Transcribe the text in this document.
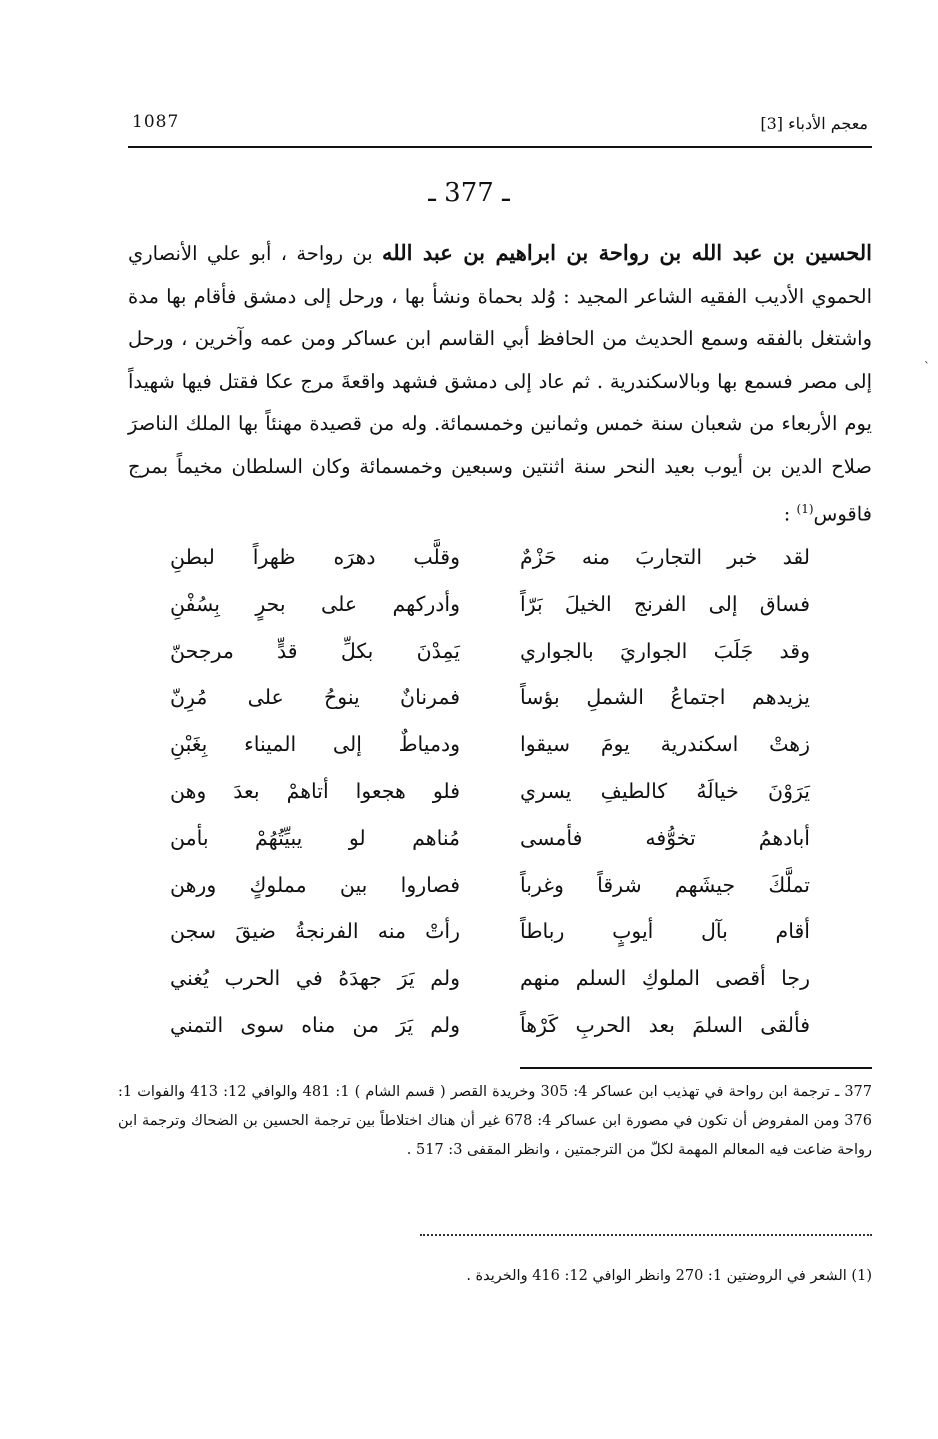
1087	معجم الأدباء [3]
ـ 377 ـ
الحسين بن عبد الله بن رواحة بن ابراهيم بن عبد الله بن رواحة ، أبو علي الأنصاري الحموي الأديب الفقيه الشاعر المجيد : وُلد بحماة ونشأ بها ، ورحل إلى دمشق فأقام بها مدة واشتغل بالفقه وسمع الحديث من الحافظ أبي القاسم ابن عساكر ومن عمه وآخرين ، ورحل إلى مصر فسمع بها وبالاسكندرية . ثم عاد إلى دمشق فشهد واقعةَ مرج عكا فقتل فيها شهيداً يوم الأربعاء من شعبان سنة خمس وثمانين وخمسمائة. وله من قصيدة مهنئاً بها الملك الناصرَ صلاح الدين بن أيوب بعيد النحر سنة اثنتين وسبعين وخمسمائة وكان السلطان مخيماً بمرج فاقوس$^{(1)}$ :
لقد خبر التجاربَ منه حَزْمٌ
وقلَّب دهرَه ظهراً لبطنِ
فساق إلى الفرنج الخيلَ بَرّاً
وأدركهم على بحرٍ بِسُفْنِ
وقد جَلَبَ الجواريَ بالجواري
يَمِدْنَ بكلِّ قدٍّ مرجحنّ
يزيدهم اجتماعُ الشملِ بؤساً
فمرنانٌ ينوحُ على مُرِنّ
زهتْ اسكندرية يومَ سيقوا
ودمياطٌ إلى الميناء بِغَبْنِ
يَرَوْنَ خيالَهُ كالطيفِ يسري
فلو هجعوا أتاهمْ بعدَ وهن
أبادهمُ تخوُّفه فأمسى
مُناهم لو يبيِّتُهُمْ بأمن
تملَّكَ جيشَهم شرقاً وغرباً
فصاروا بين مملوكٍ ورهن
أقام بآل أيوبٍ رباطاً
رأتْ منه الفرنجةُ ضيقَ سجن
رجا أقصى الملوكِ السلم منهم
ولم يَرَ جهدَهُ في الحرب يُغني
فألقى السلمَ بعد الحربِ كَرْهاً
ولم يَرَ من مناه سوى التمني
377 ـ ترجمة ابن رواحة في تهذيب ابن عساكر 4: 305 وخريدة القصر ( قسم الشام ) 1: 481 والوافي 12: 413 والفوات 1: 376 ومن المفروض أن تكون في مصورة ابن عساكر 4: 678 غير أن هناك اختلاطاً بين ترجمة الحسين بن الضحاك وترجمة ابن رواحة ضاعت فيه المعالم المهمة لكلّ من الترجمتين ، وانظر المقفى 3: 517 .
(1) الشعر في الروضتين 1: 270 وانظر الوافي 12: 416 والخريدة .
`
